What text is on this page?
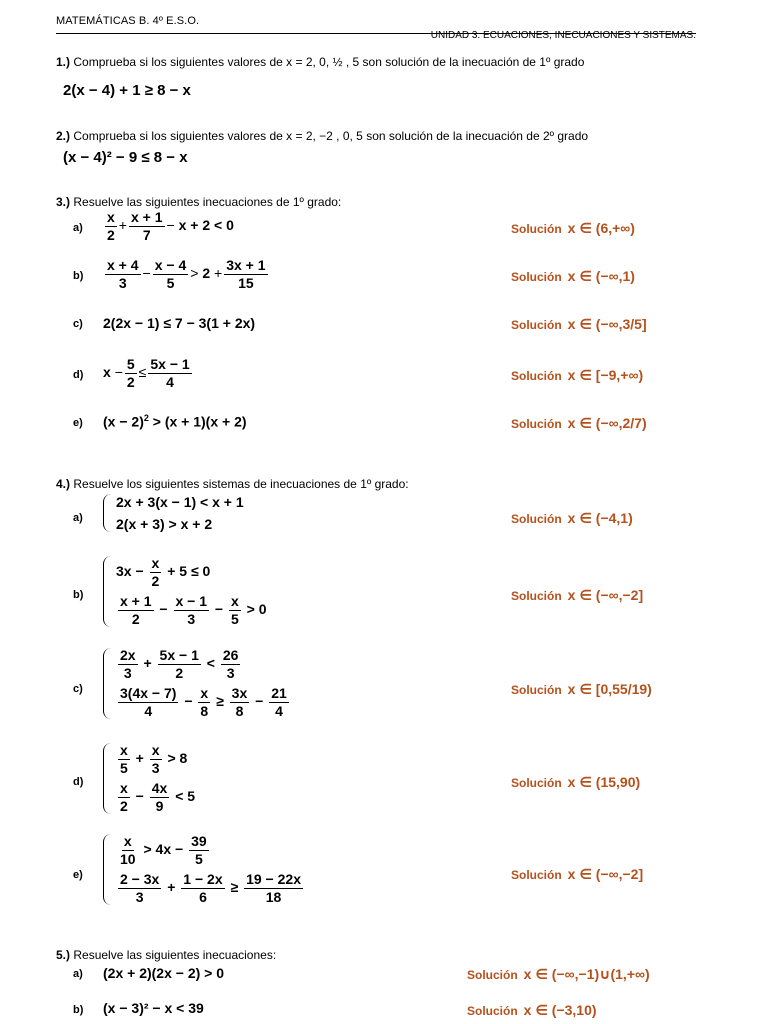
MATEMÁTICAS B. 4º E.S.O.
UNIDAD 3. ECUACIONES, INECUACIONES Y SISTEMAS.
1.) Comprueba si los siguientes valores de x = 2, 0, ½ , 5 son solución de la inecuación de 1º grado
2(x − 4) + 1 ≥ 8 − x
2.) Comprueba si los siguientes valores de x = 2, −2 , 0, 5 son solución de la inecuación de 2º grado
(x − 4)² − 9 ≤ 8 − x
3.) Resuelve las siguientes inecuaciones de 1º grado:
$a) \frac{x}{2} + \frac{x + 1}{7} - x + 2 < 0$	Solución x ∈ (6,+∞)
$b) \frac{x + 4}{3} - \frac{x - 4}{5} > 2 + \frac{3x + 1}{15}$	Solución x ∈ (−∞,1)
c) 2(2x − 1) ≤ 7 − 3(1 + 2x)	Solución x ∈ (−∞,3/5]
d) $x - \frac{5}{2} \le \frac{5x - 1}{4}$	Solución x ∈ [−9,+∞)
e) $(x - 2)^2 > (x + 1)(x + 2)$	Solución x ∈ (−∞,2/7)
4.) Resuelve los siguientes sistemas de inecuaciones de 1º grado:
a)
2x + 3(x − 1) < x + 1
2(x + 3) > x + 2	Solución x ∈ (−4,1)
b)
$3x - \frac{x}{2} + 5 \le 0$
$\frac{x + 1}{2} - \frac{x - 1}{3} - \frac{x}{5} > 0$
Solución x ∈ (−∞,−2]
c)
$\frac{2x}{3} + \frac{5x - 1}{2} < \frac{26}{3}$
$\frac{3(4x - 7)}{4} - \frac{x}{8} \ge \frac{3x}{8} - \frac{21}{4}$	Solución x ∈ [0,55/19)
d)
$\frac{x}{5} + \frac{x}{3} > 8$
$\frac{x}{2} - \frac{4x}{9} < 5$
Solución x ∈ (15,90)
e)
$\frac{x}{10} > 4x - \frac{39}{5}$
$\frac{2 - 3x}{3} + \frac{1 - 2x}{6} \ge \frac{19 - 22x}{18}$	Solución x ∈ (−∞,−2]
5.) Resuelve las siguientes inecuaciones:
a) (2x + 2)(2x − 2) > 0	Solución x ∈ (−∞,−1)∪(1,+∞)
b) (x − 3)² − x < 39	Solución x ∈ (−3,10)
